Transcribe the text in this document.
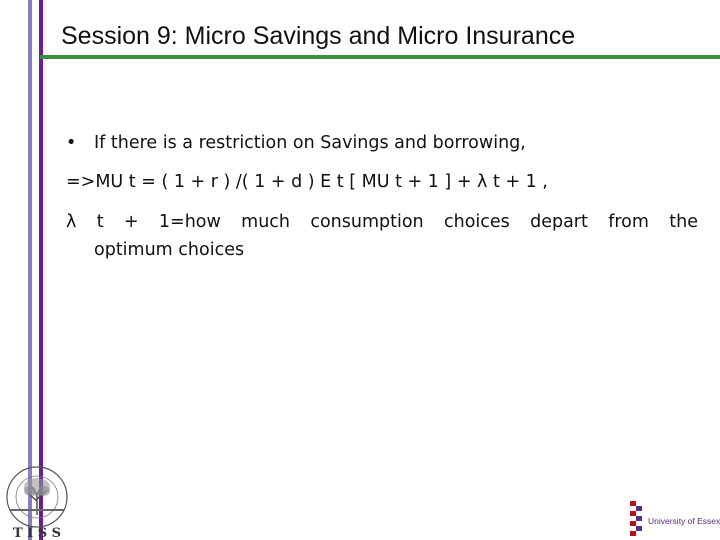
Session 9: Micro Savings and Micro Insurance
• If there is a restriction on Savings and borrowing,
=>MU t = ( 1 + r ) /( 1 + d ) E t [ MU t + 1 ] + λ t + 1 ,
λ t + 1=how much consumption choices depart from the
optimum choices
T I S S
University of Essex
